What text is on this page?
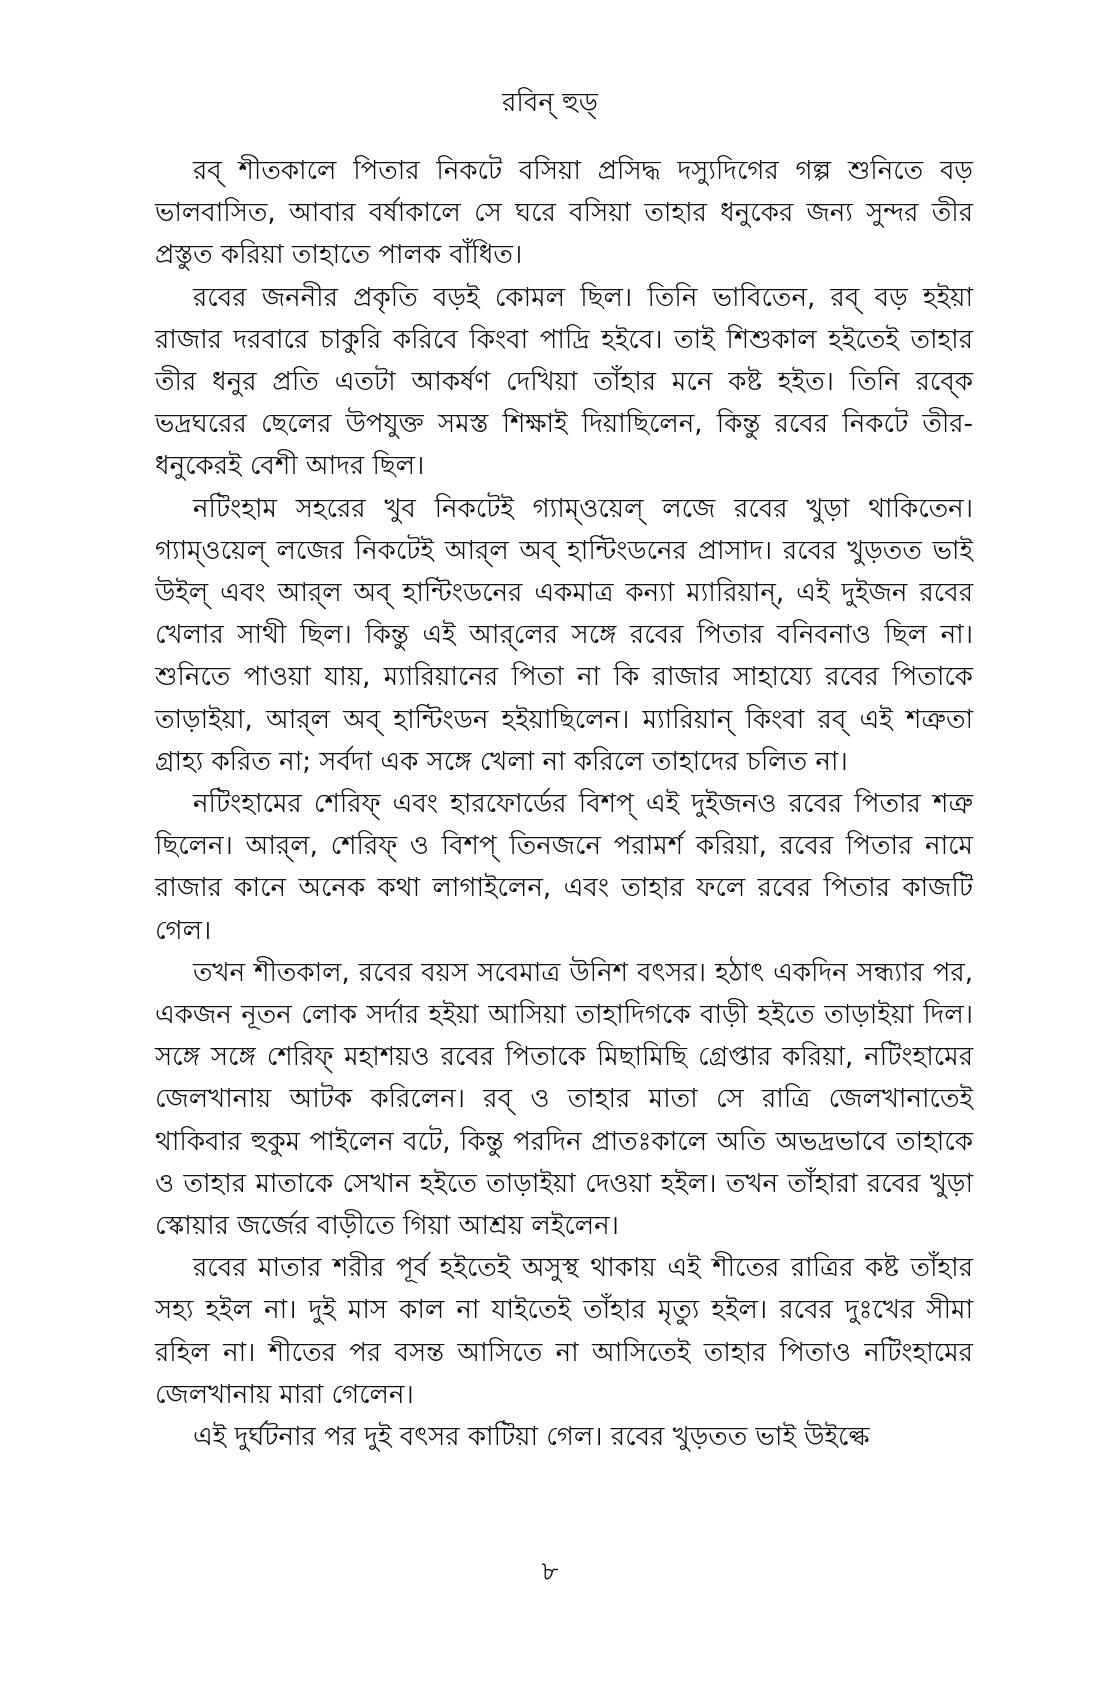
রবিন্ হুড্

রব্ শীতকালে পিতার নিকটে বসিয়া প্রসিদ্ধ দস্যুদিগের গল্প শুনিতে বড় ভালবাসিত, আবার বর্ষাকালে সে ঘরে বসিয়া তাহার ধনুকের জন্য সুন্দর তীর প্রস্তুত করিয়া তাহাতে পালক বাঁধিত।

রবের জননীর প্রকৃতি বড়ই কোমল ছিল। তিনি ভাবিতেন, রব্ বড় হইয়া রাজার দরবারে চাকুরি করিবে কিংবা পাদ্রি হইবে। তাই শিশুকাল হইতেই তাহার তীর ধনুর প্রতি এতটা আকর্ষণ দেখিয়া তাঁহার মনে কষ্ট হইত। তিনি রব্কে ভদ্রঘরের ছেলের উপযুক্ত সমস্ত শিক্ষাই দিয়াছিলেন, কিন্তু রবের নিকটে তীর-ধনুকেরই বেশী আদর ছিল।

নটিংহাম সহরের খুব নিকটেই গ্যাম্ওয়েল্ লজে রবের খুড়া থাকিতেন। গ্যাম্ওয়েল্ লজের নিকটেই আর্‌ল অব্ হান্টিংডনের প্রাসাদ। রবের খুড়তত ভাই উইল্ এবং আর্‌ল অব্ হান্টিংডনের একমাত্র কন্যা ম্যারিয়ান্, এই দুইজন রবের খেলার সাথী ছিল। কিন্তু এই আর্‌লের সঙ্গে রবের পিতার বনিবনাও ছিল না। শুনিতে পাওয়া যায়, ম্যারিয়ানের পিতা না কি রাজার সাহায্যে রবের পিতাকে তাড়াইয়া, আর্‌ল অব্ হান্টিংডন হইয়াছিলেন। ম্যারিয়ান্ কিংবা রব্ এই শত্রুতা গ্রাহ্য করিত না; সর্বদা এক সঙ্গে খেলা না করিলে তাহাদের চলিত না।

নটিংহামের শেরিফ্ এবং হারফোর্ডের বিশপ্ এই দুইজনও রবের পিতার শত্রু ছিলেন। আর্‌ল, শেরিফ্ ও বিশপ্ তিনজনে পরামর্শ করিয়া, রবের পিতার নামে রাজার কানে অনেক কথা লাগাইলেন, এবং তাহার ফলে রবের পিতার কাজটি গেল।

তখন শীতকাল, রবের বয়স সবেমাত্র উনিশ বৎসর। হঠাৎ একদিন সন্ধ্যার পর, একজন নূতন লোক সর্দার হইয়া আসিয়া তাহাদিগকে বাড়ী হইতে তাড়াইয়া দিল। সঙ্গে সঙ্গে শেরিফ্ মহাশয়ও রবের পিতাকে মিছামিছি গ্রেপ্তার করিয়া, নটিংহামের জেলখানায় আটক করিলেন। রব্ ও তাহার মাতা সে রাত্রি জেলখানাতেই থাকিবার হুকুম পাইলেন বটে, কিন্তু পরদিন প্রাতঃকালে অতি অভদ্রভাবে তাহাকে ও তাহার মাতাকে সেখান হইতে তাড়াইয়া দেওয়া হইল। তখন তাঁহারা রবের খুড়া স্কোয়ার জর্জের বাড়ীতে গিয়া আশ্রয় লইলেন।

রবের মাতার শরীর পূর্ব হইতেই অসুস্থ থাকায় এই শীতের রাত্রির কষ্ট তাঁহার সহ্য হইল না। দুই মাস কাল না যাইতেই তাঁহার মৃত্যু হইল। রবের দুঃখের সীমা রহিল না। শীতের পর বসন্ত আসিতে না আসিতেই তাহার পিতাও নটিংহামের জেলখানায় মারা গেলেন।

এই দুর্ঘটনার পর দুই বৎসর কাটিয়া গেল। রবের খুড়তত ভাই উইল্কে

৮
